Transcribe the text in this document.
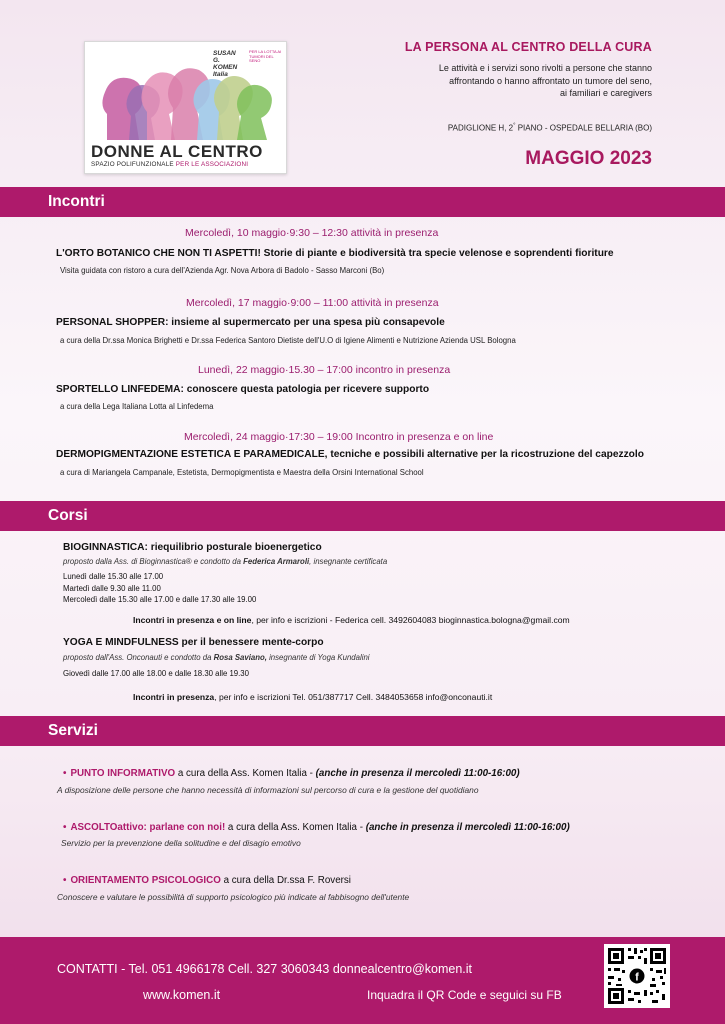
SUSAN G. KOMEN Italia
PER LA LOTTA AI TUMORI DEL SENO
DONNE AL CENTRO
SPAZIO POLIFUNZIONALE PER LE ASSOCIAZIONI
LA PERSONA AL CENTRO DELLA CURA
Le attività e i servizi sono rivolti a persone che stanno
affrontando o hanno affrontato un tumore del seno,
ai familiari e caregivers
PADIGLIONE H, 2° PIANO - OSPEDALE BELLARIA (BO)
MAGGIO 2023
Incontri
Mercoledì, 10 maggio·9:30 – 12:30 attività in presenza
L'ORTO BOTANICO CHE NON TI ASPETTI! Storie di piante e biodiversità tra specie velenose e soprendenti fioriture
Visita guidata con ristoro a cura dell'Azienda Agr. Nova Arbora di Badolo - Sasso Marconi (Bo)
Mercoledì, 17 maggio·9:00 – 11:00 attività in presenza
PERSONAL SHOPPER: insieme al supermercato per una spesa più consapevole
a cura della Dr.ssa Monica Brighetti e Dr.ssa Federica Santoro Dietiste dell'U.O di Igiene Alimenti e Nutrizione Azienda USL Bologna
Lunedì, 22 maggio·15.30 – 17:00 incontro in presenza
SPORTELLO LINFEDEMA: conoscere questa patologia per ricevere supporto
a cura della Lega Italiana Lotta al Linfedema
Mercoledì, 24 maggio·17:30 – 19:00 Incontro in presenza e on line
DERMOPIGMENTAZIONE ESTETICA E PARAMEDICALE, tecniche e possibili alternative per la ricostruzione del capezzolo
a cura di Mariangela Campanale, Estetista, Dermopigmentista e Maestra della Orsini International School
Corsi
BIOGINNASTICA: riequilibrio posturale bioenergetico
proposto dalla Ass. di Bioginnastica® e condotto da Federica Armaroli, insegnante certificata
Lunedì dalle 15.30 alle 17.00
Martedì dalle 9.30 alle 11.00
Mercoledì dalle 15.30 alle 17.00 e dalle 17.30 alle 19.00
Incontri in presenza e on line, per info e iscrizioni - Federica cell. 3492604083 bioginnastica.bologna@gmail.com
YOGA E MINDFULNESS per il benessere mente-corpo
proposto dall'Ass. Onconauti e condotto da Rosa Saviano, insegnante di Yoga Kundalini
Giovedì dalle 17.00 alle 18.00 e dalle 18.30 alle 19.30
Incontri in presenza, per info e iscrizioni Tel. 051/387717 Cell. 3484053658 info@onconauti.it
Servizi
• PUNTO INFORMATIVO a cura della Ass. Komen Italia - (anche in presenza il mercoledì 11:00-16:00)
A disposizione delle persone che hanno necessità di informazioni sul percorso di cura e la gestione del quotidiano
• ASCOLTOattivo: parlane con noi! a cura della Ass. Komen Italia - (anche in presenza il mercoledì 11:00-16:00)
Servizio per la prevenzione della solitudine e del disagio emotivo
• ORIENTAMENTO PSICOLOGICO a cura della Dr.ssa F. Roversi
Conoscere e valutare le possibilità di supporto psicologico più indicate al fabbisogno dell'utente
CONTATTI - Tel. 051 4966178 Cell. 327 3060343 donnealcentro@komen.it
www.komen.it	Inquadra il QR Code e seguici su FB
f
